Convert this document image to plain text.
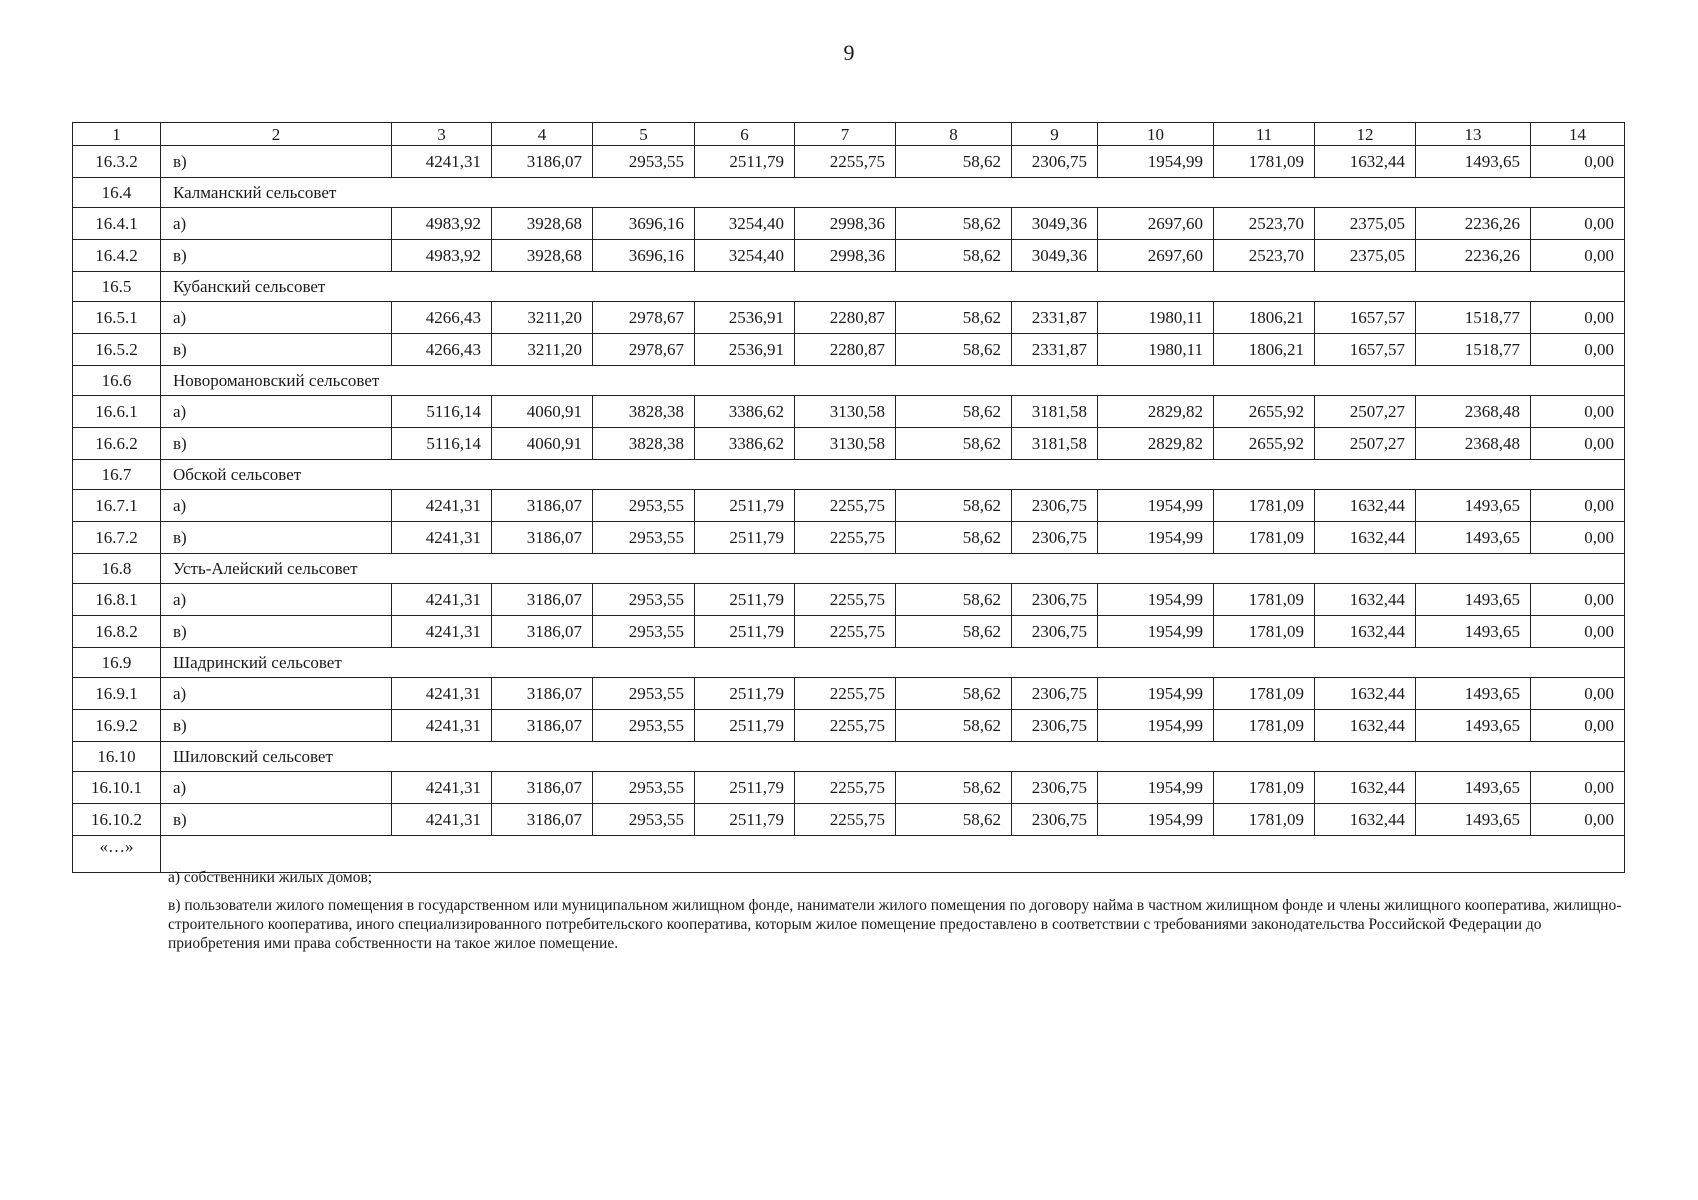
9
1	2	3	4	5	6	7	8	9	10	11	12	13	14
16.3.2	в)	4241,31	3186,07	2953,55	2511,79	2255,75	58,62	2306,75	1954,99	1781,09	1632,44	1493,65	0,00
16.4	Калманский сельсовет												
16.4.1	а)	4983,92	3928,68	3696,16	3254,40	2998,36	58,62	3049,36	2697,60	2523,70	2375,05	2236,26	0,00
16.4.2	в)	4983,92	3928,68	3696,16	3254,40	2998,36	58,62	3049,36	2697,60	2523,70	2375,05	2236,26	0,00
16.5	Кубанский сельсовет												
16.5.1	а)	4266,43	3211,20	2978,67	2536,91	2280,87	58,62	2331,87	1980,11	1806,21	1657,57	1518,77	0,00
16.5.2	в)	4266,43	3211,20	2978,67	2536,91	2280,87	58,62	2331,87	1980,11	1806,21	1657,57	1518,77	0,00
16.6	Новоромановский сельсовет												
16.6.1	а)	5116,14	4060,91	3828,38	3386,62	3130,58	58,62	3181,58	2829,82	2655,92	2507,27	2368,48	0,00
16.6.2	в)	5116,14	4060,91	3828,38	3386,62	3130,58	58,62	3181,58	2829,82	2655,92	2507,27	2368,48	0,00
16.7	Обской сельсовет												
16.7.1	а)	4241,31	3186,07	2953,55	2511,79	2255,75	58,62	2306,75	1954,99	1781,09	1632,44	1493,65	0,00
16.7.2	в)	4241,31	3186,07	2953,55	2511,79	2255,75	58,62	2306,75	1954,99	1781,09	1632,44	1493,65	0,00
16.8	Усть-Алейский сельсовет												
16.8.1	а)	4241,31	3186,07	2953,55	2511,79	2255,75	58,62	2306,75	1954,99	1781,09	1632,44	1493,65	0,00
16.8.2	в)	4241,31	3186,07	2953,55	2511,79	2255,75	58,62	2306,75	1954,99	1781,09	1632,44	1493,65	0,00
16.9	Шадринский сельсовет												
16.9.1	а)	4241,31	3186,07	2953,55	2511,79	2255,75	58,62	2306,75	1954,99	1781,09	1632,44	1493,65	0,00
16.9.2	в)	4241,31	3186,07	2953,55	2511,79	2255,75	58,62	2306,75	1954,99	1781,09	1632,44	1493,65	0,00
16.10	Шиловский сельсовет												
16.10.1	а)	4241,31	3186,07	2953,55	2511,79	2255,75	58,62	2306,75	1954,99	1781,09	1632,44	1493,65	0,00
16.10.2	в)	4241,31	3186,07	2953,55	2511,79	2255,75	58,62	2306,75	1954,99	1781,09	1632,44	1493,65	0,00
«…»													

а) собственники жилых домов;

в) пользователи жилого помещения в государственном или муниципальном жилищном фонде, наниматели жилого помещения по договору найма в частном жилищном фонде и члены жилищного кооператива, жилищно-строительного кооператива, иного специализированного потребительского кооператива, которым жилое помещение предоставлено в соответствии с требованиями законодательства Российской Федерации до приобретения ими права собственности на такое жилое помещение.
